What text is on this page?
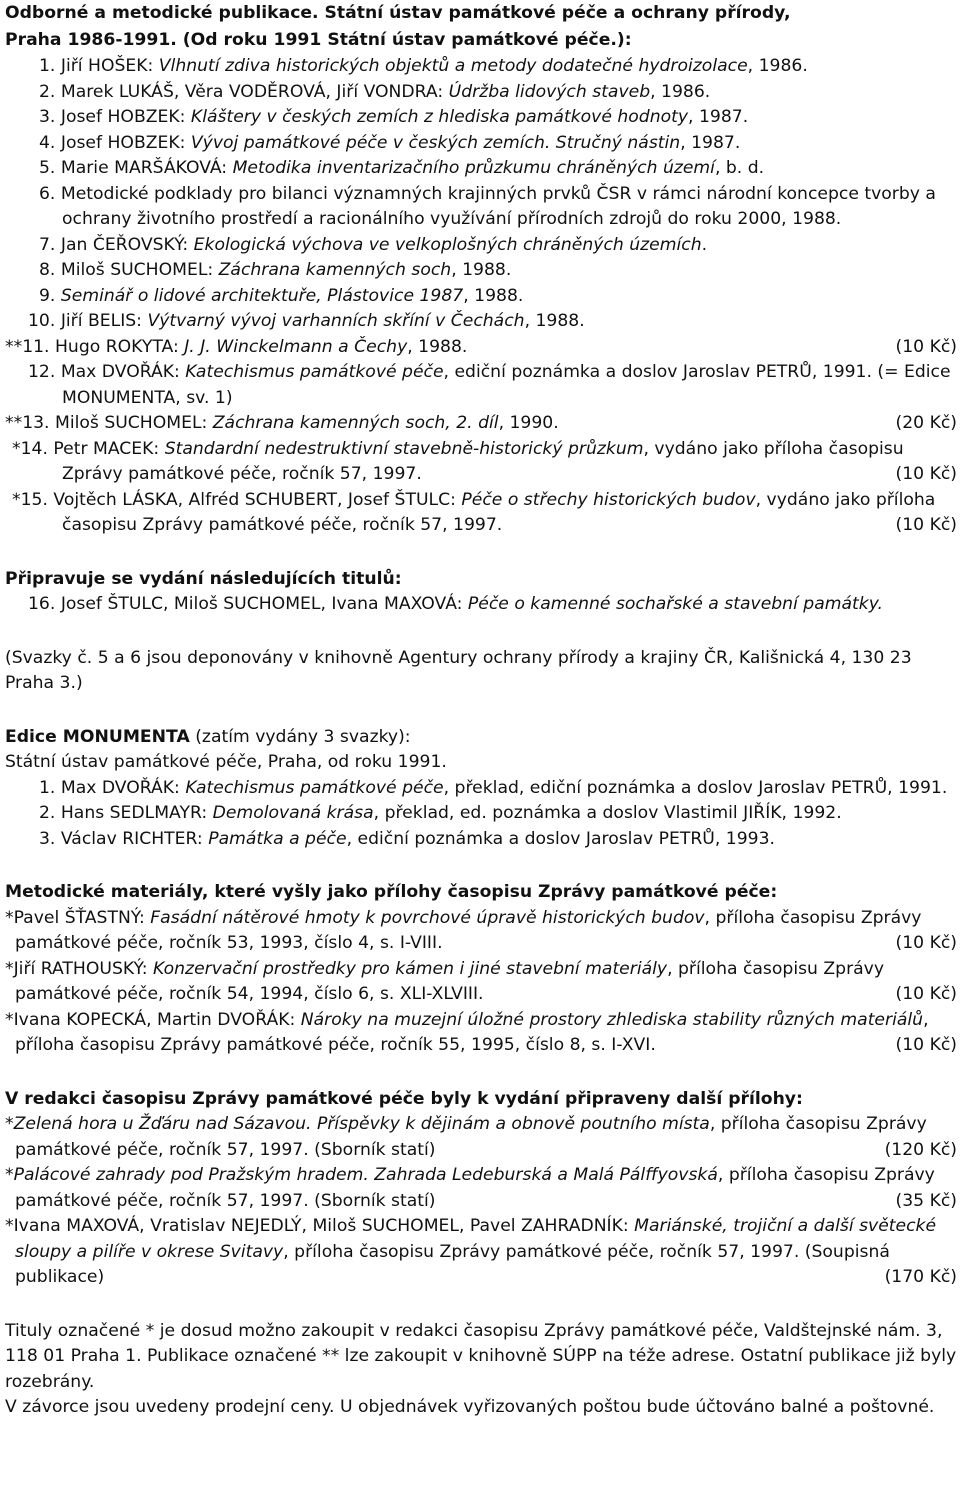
Odborné a metodické publikace. Státní ústav památkové péče a ochrany přírody,
Praha 1986-1991. (Od roku 1991 Státní ústav památkové péče.):
1. Jiří HOŠEK: Vlhnutí zdiva historických objektů a metody dodatečné hydroizolace, 1986.
2. Marek LUKÁŠ, Věra VODĚROVÁ, Jiří VONDRA: Údržba lidových staveb, 1986.
3. Josef HOBZEK: Kláštery v českých zemích z hlediska památkové hodnoty, 1987.
4. Josef HOBZEK: Vývoj památkové péče v českých zemích. Stručný nástin, 1987.
5. Marie MARŠÁKOVÁ: Metodika inventarizačního průzkumu chráněných území, b. d.
6. Metodické podklady pro bilanci významných krajinných prvků ČSR v rámci národní koncepce tvorby a ochrany životního prostředí a racionálního využívání přírodních zdrojů do roku 2000, 1988.
7. Jan ČEŘOVSKÝ: Ekologická výchova ve velkoplošných chráněných územích.
8. Miloš SUCHOMEL: Záchrana kamenných soch, 1988.
9. Seminář o lidové architektuře, Plástovice 1987, 1988.
10. Jiří BELIS: Výtvarný vývoj varhanních skříní v Čechách, 1988.
**11. Hugo ROKYTA: J. J. Winckelmann a Čechy, 1988.	(10 Kč)
12. Max DVOŘÁK: Katechismus památkové péče, ediční poznámka a doslov Jaroslav PETRŮ, 1991. (= Edice MONUMENTA, sv. 1)
**13. Miloš SUCHOMEL: Záchrana kamenných soch, 2. díl, 1990.	(20 Kč)
*14. Petr MACEK: Standardní nedestruktivní stavebně-historický průzkum, vydáno jako příloha časopisu Zprávy památkové péče, ročník 57, 1997.	(10 Kč)
*15. Vojtěch LÁSKA, Alfréd SCHUBERT, Josef ŠTULC: Péče o střechy historických budov, vydáno jako příloha časopisu Zprávy památkové péče, ročník 57, 1997.	(10 Kč)
Připravuje se vydání následujících titulů:
16. Josef ŠTULC, Miloš SUCHOMEL, Ivana MAXOVÁ: Péče o kamenné sochařské a stavební památky.

(Svazky č. 5 a 6 jsou deponovány v knihovně Agentury ochrany přírody a krajiny ČR, Kališnická 4, 130 23 Praha 3.)

Edice MONUMENTA (zatím vydány 3 svazky):
Státní ústav památkové péče, Praha, od roku 1991.
1. Max DVOŘÁK: Katechismus památkové péče, překlad, ediční poznámka a doslov Jaroslav PETRŮ, 1991.
2. Hans SEDLMAYR: Demolovaná krása, překlad, ed. poznámka a doslov Vlastimil JIŘÍK, 1992.
3. Václav RICHTER: Památka a péče, ediční poznámka a doslov Jaroslav PETRŮ, 1993.
Metodické materiály, které vyšly jako přílohy časopisu Zprávy památkové péče:
*Pavel ŠŤASTNÝ: Fasádní nátěrové hmoty k povrchové úpravě historických budov, příloha časopisu Zprávy památkové péče, ročník 53, 1993, číslo 4, s. I-VIII.	(10 Kč)
*Jiří RATHOUSKÝ: Konzervační prostředky pro kámen i jiné stavební materiály, příloha časopisu Zprávy památkové péče, ročník 54, 1994, číslo 6, s. XLI-XLVIII.	(10 Kč)
*Ivana KOPECKÁ, Martin DVOŘÁK: Nároky na muzejní úložné prostory zhlediska stability různých materiálů, příloha časopisu Zprávy památkové péče, ročník 55, 1995, číslo 8, s. I-XVI.	(10 Kč)
V redakci časopisu Zprávy památkové péče byly k vydání připraveny další přílohy:
*Zelená hora u Žďáru nad Sázavou. Příspěvky k dějinám a obnově poutního místa, příloha časopisu Zprávy památkové péče, ročník 57, 1997. (Sborník statí)	(120 Kč)
*Palácové zahrady pod Pražským hradem. Zahrada Ledeburská a Malá Pálffyovská, příloha časopisu Zprávy památkové péče, ročník 57, 1997. (Sborník statí)	(35 Kč)
*Ivana MAXOVÁ, Vratislav NEJEDLÝ, Miloš SUCHOMEL, Pavel ZAHRADNÍK: Mariánské, trojiční a další světecké sloupy a pilíře v okrese Svitavy, příloha časopisu Zprávy památkové péče, ročník 57, 1997. (Soupisná publikace)	(170 Kč)

Tituly označené * je dosud možno zakoupit v redakci časopisu Zprávy památkové péče, Valdštejnské nám. 3, 118 01 Praha 1. Publikace označené ** lze zakoupit v knihovně SÚPP na téže adrese. Ostatní publikace již byly rozebrány.

V závorce jsou uvedeny prodejní ceny. U objednávek vyřizovaných poštou bude účtováno balné a poštovné.
